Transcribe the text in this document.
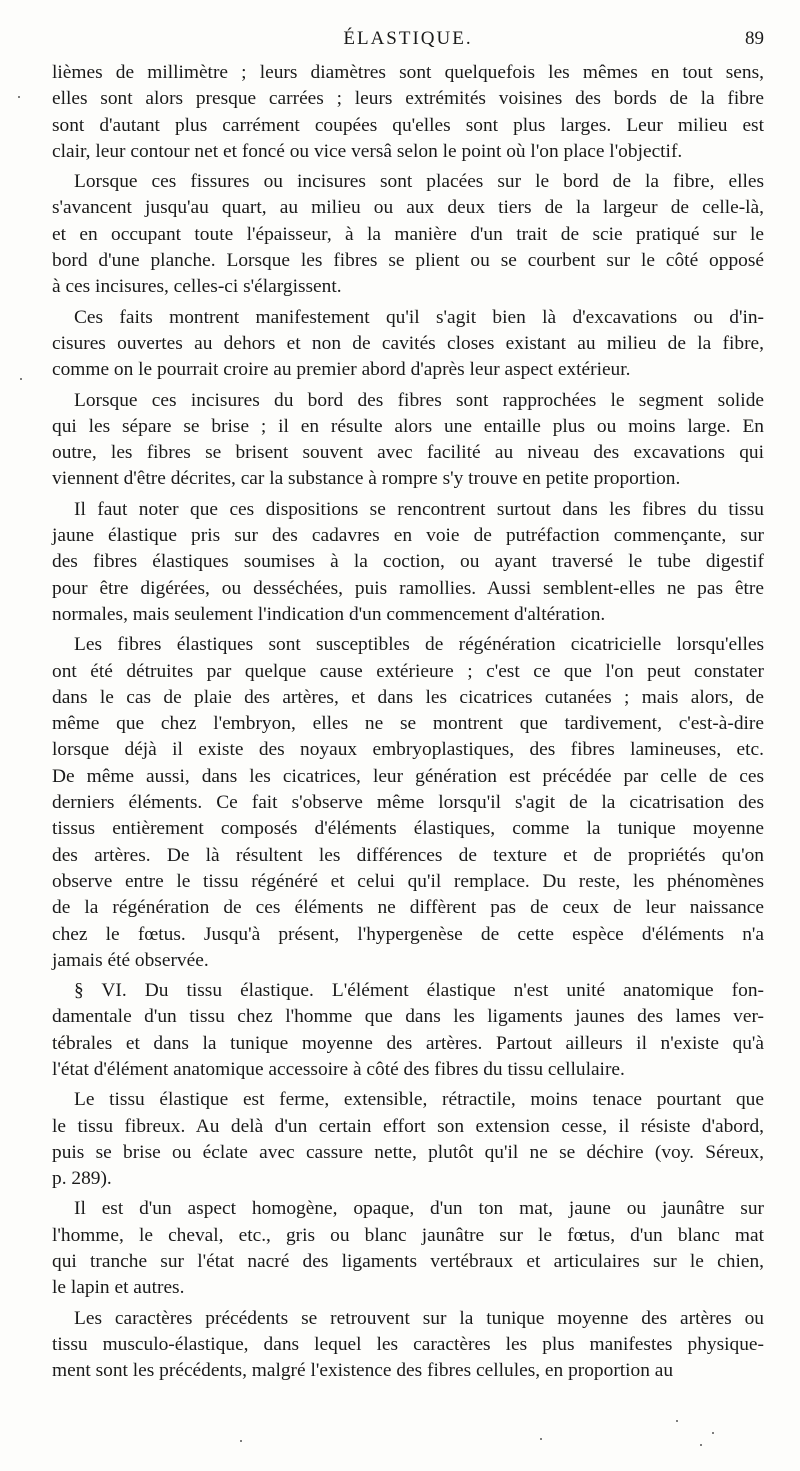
ÉLASTIQUE.	89

lièmes de millimètre ; leurs diamètres sont quelquefois les mêmes en tout sens,
elles sont alors presque carrées ; leurs extrémités voisines des bords de la fibre
sont d'autant plus carrément coupées qu'elles sont plus larges. Leur milieu est
clair, leur contour net et foncé ou vice versâ selon le point où l'on place l'objectif.

Lorsque ces fissures ou incisures sont placées sur le bord de la fibre, elles
s'avancent jusqu'au quart, au milieu ou aux deux tiers de la largeur de celle-là,
et en occupant toute l'épaisseur, à la manière d'un trait de scie pratiqué sur le
bord d'une planche. Lorsque les fibres se plient ou se courbent sur le côté opposé
à ces incisures, celles-ci s'élargissent.

Ces faits montrent manifestement qu'il s'agit bien là d'excavations ou d'in-
cisures ouvertes au dehors et non de cavités closes existant au milieu de la fibre,
comme on le pourrait croire au premier abord d'après leur aspect extérieur.

Lorsque ces incisures du bord des fibres sont rapprochées le segment solide
qui les sépare se brise ; il en résulte alors une entaille plus ou moins large. En
outre, les fibres se brisent souvent avec facilité au niveau des excavations qui
viennent d'être décrites, car la substance à rompre s'y trouve en petite proportion.

Il faut noter que ces dispositions se rencontrent surtout dans les fibres du tissu
jaune élastique pris sur des cadavres en voie de putréfaction commençante, sur
des fibres élastiques soumises à la coction, ou ayant traversé le tube digestif
pour être digérées, ou desséchées, puis ramollies. Aussi semblent-elles ne pas être
normales, mais seulement l'indication d'un commencement d'altération.

Les fibres élastiques sont susceptibles de régénération cicatricielle lorsqu'elles
ont été détruites par quelque cause extérieure ; c'est ce que l'on peut constater
dans le cas de plaie des artères, et dans les cicatrices cutanées ; mais alors, de
même que chez l'embryon, elles ne se montrent que tardivement, c'est-à-dire
lorsque déjà il existe des noyaux embryoplastiques, des fibres lamineuses, etc.
De même aussi, dans les cicatrices, leur génération est précédée par celle de ces
derniers éléments. Ce fait s'observe même lorsqu'il s'agit de la cicatrisation des
tissus entièrement composés d'éléments élastiques, comme la tunique moyenne
des artères. De là résultent les différences de texture et de propriétés qu'on
observe entre le tissu régénéré et celui qu'il remplace. Du reste, les phénomènes
de la régénération de ces éléments ne diffèrent pas de ceux de leur naissance
chez le fœtus. Jusqu'à présent, l'hypergenèse de cette espèce d'éléments n'a
jamais été observée.

§ VI. Du tissu élastique. L'élément élastique n'est unité anatomique fon-
damentale d'un tissu chez l'homme que dans les ligaments jaunes des lames ver-
tébrales et dans la tunique moyenne des artères. Partout ailleurs il n'existe qu'à
l'état d'élément anatomique accessoire à côté des fibres du tissu cellulaire.

Le tissu élastique est ferme, extensible, rétractile, moins tenace pourtant que
le tissu fibreux. Au delà d'un certain effort son extension cesse, il résiste d'abord,
puis se brise ou éclate avec cassure nette, plutôt qu'il ne se déchire (voy. Séreux,
p. 289).

Il est d'un aspect homogène, opaque, d'un ton mat, jaune ou jaunâtre sur
l'homme, le cheval, etc., gris ou blanc jaunâtre sur le fœtus, d'un blanc mat
qui tranche sur l'état nacré des ligaments vertébraux et articulaires sur le chien,
le lapin et autres.

Les caractères précédents se retrouvent sur la tunique moyenne des artères ou
tissu musculo-élastique, dans lequel les caractères les plus manifestes physique-
ment sont les précédents, malgré l'existence des fibres cellules, en proportion au
